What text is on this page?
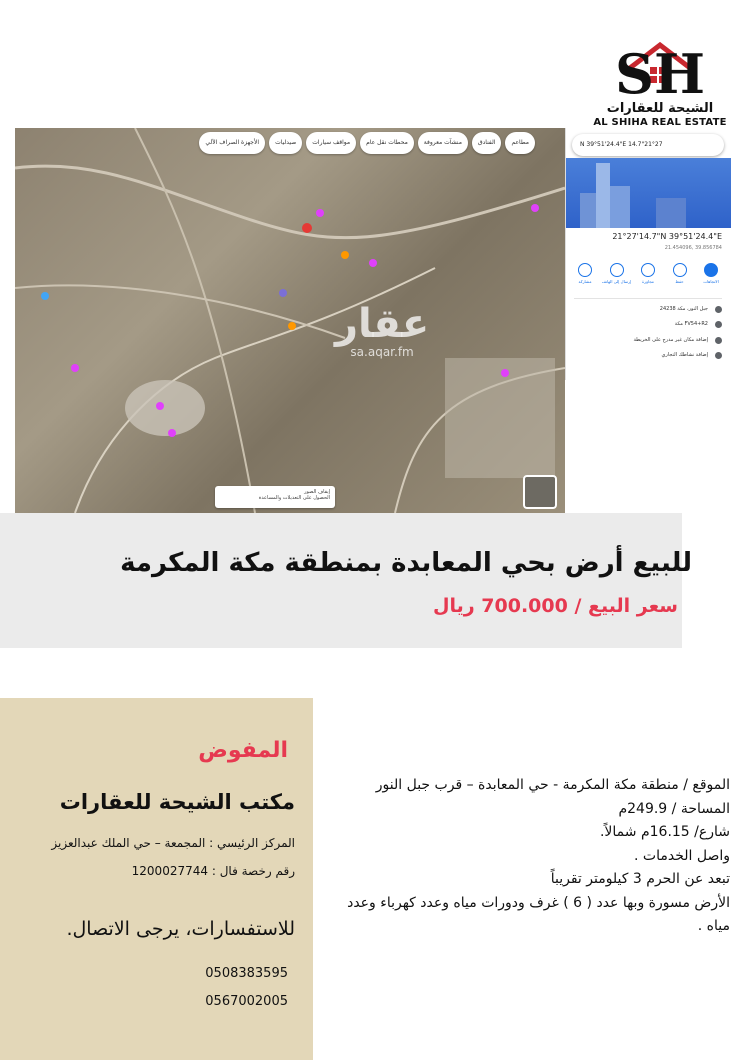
SH
الشيحة للعقارات
AL SHIHA REAL ESTATE
مطاعم
الفنادق
منشآت معروفة
محطات نقل عام
مواقف سيارات
صيدليات
الأجهزة الصراف الآلي
عقار
sa.aqar.fm
إيقاف الصور
الحصول على التعديلات والمساعدة
N 39°51'24.4"E 14.7"21°27
21°27'14.7"N 39°51'24.4"E
21.454096, 39.856784
الاتجاهات
حفظ
مجاورة
إرسال إلى الهاتف
مشاركة
جبل النور، مكة 24238
FV54+R2 مكة
إضافة مكان غير مدرج على الخريطة
إضافة نشاطك التجاري
للبيع أرض بحي المعابدة بمنطقة مكة المكرمة
سعر البيع / 700.000 ريال
المفوض
مكتب الشيحة للعقارات
المركز الرئيسي : المجمعة – حي الملك عبدالعزيز
رقم رخصة فال : 1200027744
للاستفسارات، يرجى الاتصال.
0508383595
0567002005
الموقع / منطقة مكة المكرمة - حي المعابدة – قرب جبل النور
المساحة / 249.9م
شارع/ 16.15م شمالاً.
واصل الخدمات .
تبعد عن الحرم 3 كيلومتر تقريباً
الأرض مسورة وبها عدد ( 6 ) غرف ودورات مياه وعدد كهرباء وعدد مياه .
